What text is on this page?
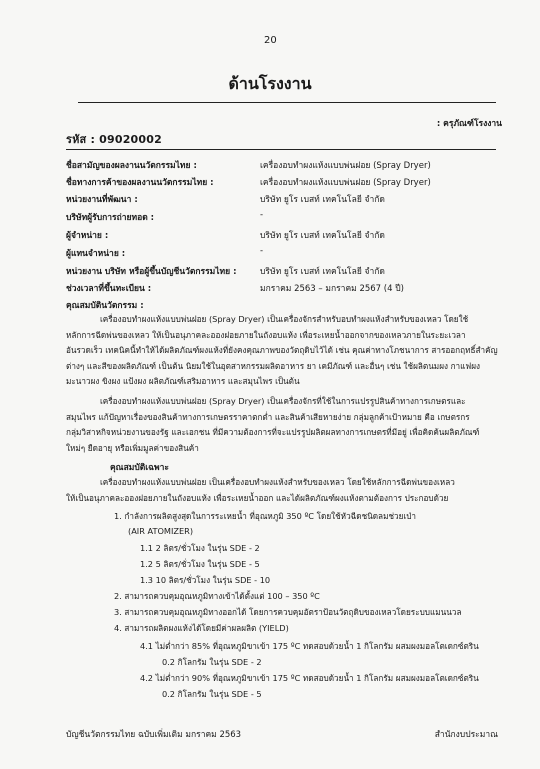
20
ด้านโรงงาน
: ครุภัณฑ์โรงงาน
รหัส : 09020002
ชื่อสามัญของผลงานนวัตกรรมไทย :	เครื่องอบทำผงแห้งแบบพ่นฝอย (Spray Dryer)
ชื่อทางการค้าของผลงานนวัตกรรมไทย :	เครื่องอบทำผงแห้งแบบพ่นฝอย (Spray Dryer)
หน่วยงานที่พัฒนา :	บริษัท ยูโร เบสท์ เทคโนโลยี จำกัด
บริษัทผู้รับการถ่ายทอด :	-
ผู้จำหน่าย :	บริษัท ยูโร เบสท์ เทคโนโลยี จำกัด
ผู้แทนจำหน่าย :	-
หน่วยงาน บริษัท หรือผู้ขึ้นบัญชีนวัตกรรมไทย :	บริษัท ยูโร เบสท์ เทคโนโลยี จำกัด
ช่วงเวลาที่ขึ้นทะเบียน :	มกราคม 2563 – มกราคม 2567 (4 ปี)
คุณสมบัตินวัตกรรม :
เครื่องอบทำผงแห้งแบบพ่นฝอย (Spray Dryer) เป็นเครื่องจักรสำหรับอบทำผงแห้งสำหรับของเหลว โดยใช้
หลักการฉีดพ่นของเหลว ให้เป็นอนุภาคละอองฝอยภายในถังอบแห้ง เพื่อระเหยน้ำออกจากของเหลวภายในระยะเวลา
อันรวดเร็ว เทคนิคนี้ทำให้ได้ผลิตภัณฑ์ผงแห้งที่ยังคงคุณภาพของวัตถุดิบไว้ได้ เช่น คุณค่าทางโภชนาการ สารออกฤทธิ์สำคัญ
ต่างๆ และสีของผลิตภัณฑ์ เป็นต้น นิยมใช้ในอุตสาหกรรมผลิตอาหาร ยา เคมีภัณฑ์ และอื่นๆ เช่น ใช้ผลิตนมผง กาแฟผง
มะนาวผง ขิงผง แป้งผง ผลิตภัณฑ์เสริมอาหาร และสมุนไพร เป็นต้น
เครื่องอบทำผงแห้งแบบพ่นฝอย (Spray Dryer) เป็นเครื่องจักรที่ใช้ในการแปรรูปสินค้าทางการเกษตรและ
สมุนไพร แก้ปัญหาเรื่องของสินค้าทางการเกษตรราคาตกต่ำ และสินค้าเสียหายง่าย กลุ่มลูกค้าเป้าหมาย คือ เกษตรกร
กลุ่มวิสาหกิจหน่วยงานของรัฐ และเอกชน ที่มีความต้องการที่จะแปรรูปผลิตผลทางการเกษตรที่มีอยู่ เพื่อคิดค้นผลิตภัณฑ์
ใหม่ๆ ยืดอายุ หรือเพิ่มมูลค่าของสินค้า
คุณสมบัติเฉพาะ
เครื่องอบทำผงแห้งแบบพ่นฝอย เป็นเครื่องอบทำผงแห้งสำหรับของเหลว โดยใช้หลักการฉีดพ่นของเหลว
ให้เป็นอนุภาคละอองฝอยภายในถังอบแห้ง เพื่อระเหยน้ำออก และได้ผลิตภัณฑ์ผงแห้งตามต้องการ ประกอบด้วย
1. กำลังการผลิตสูงสุดในการระเหยน้ำ ที่อุณหภูมิ 350 ºC โดยใช้หัวฉีดชนิดลมช่วยเป่า
(AIR ATOMIZER)
1.1 2 ลิตร/ชั่วโมง ในรุ่น SDE - 2
1.2 5 ลิตร/ชั่วโมง ในรุ่น SDE - 5
1.3 10 ลิตร/ชั่วโมง ในรุ่น SDE - 10
2. สามารถควบคุมอุณหภูมิทางเข้าได้ตั้งแต่ 100 – 350 ºC
3. สามารถควบคุมอุณหภูมิทางออกได้ โดยการควบคุมอัตราป้อนวัตถุดิบของเหลวโดยระบบแมนนวล
4. สามารถผลิตผงแห้งได้โดยมีค่าผลผลิต (YIELD)
4.1 ไม่ต่ำกว่า 85% ที่อุณหภูมิขาเข้า 175 ºC ทดสอบด้วยน้ำ 1 กิโลกรัม ผสมผงมอลโตเดกซ์ตริน
0.2 กิโลกรัม ในรุ่น SDE - 2
4.2 ไม่ต่ำกว่า 90% ที่อุณหภูมิขาเข้า 175 ºC ทดสอบด้วยน้ำ 1 กิโลกรัม ผสมผงมอลโตเดกซ์ตริน
0.2 กิโลกรัม ในรุ่น SDE - 5
บัญชีนวัตกรรมไทย ฉบับเพิ่มเติม มกราคม 2563	สำนักงบประมาณ
